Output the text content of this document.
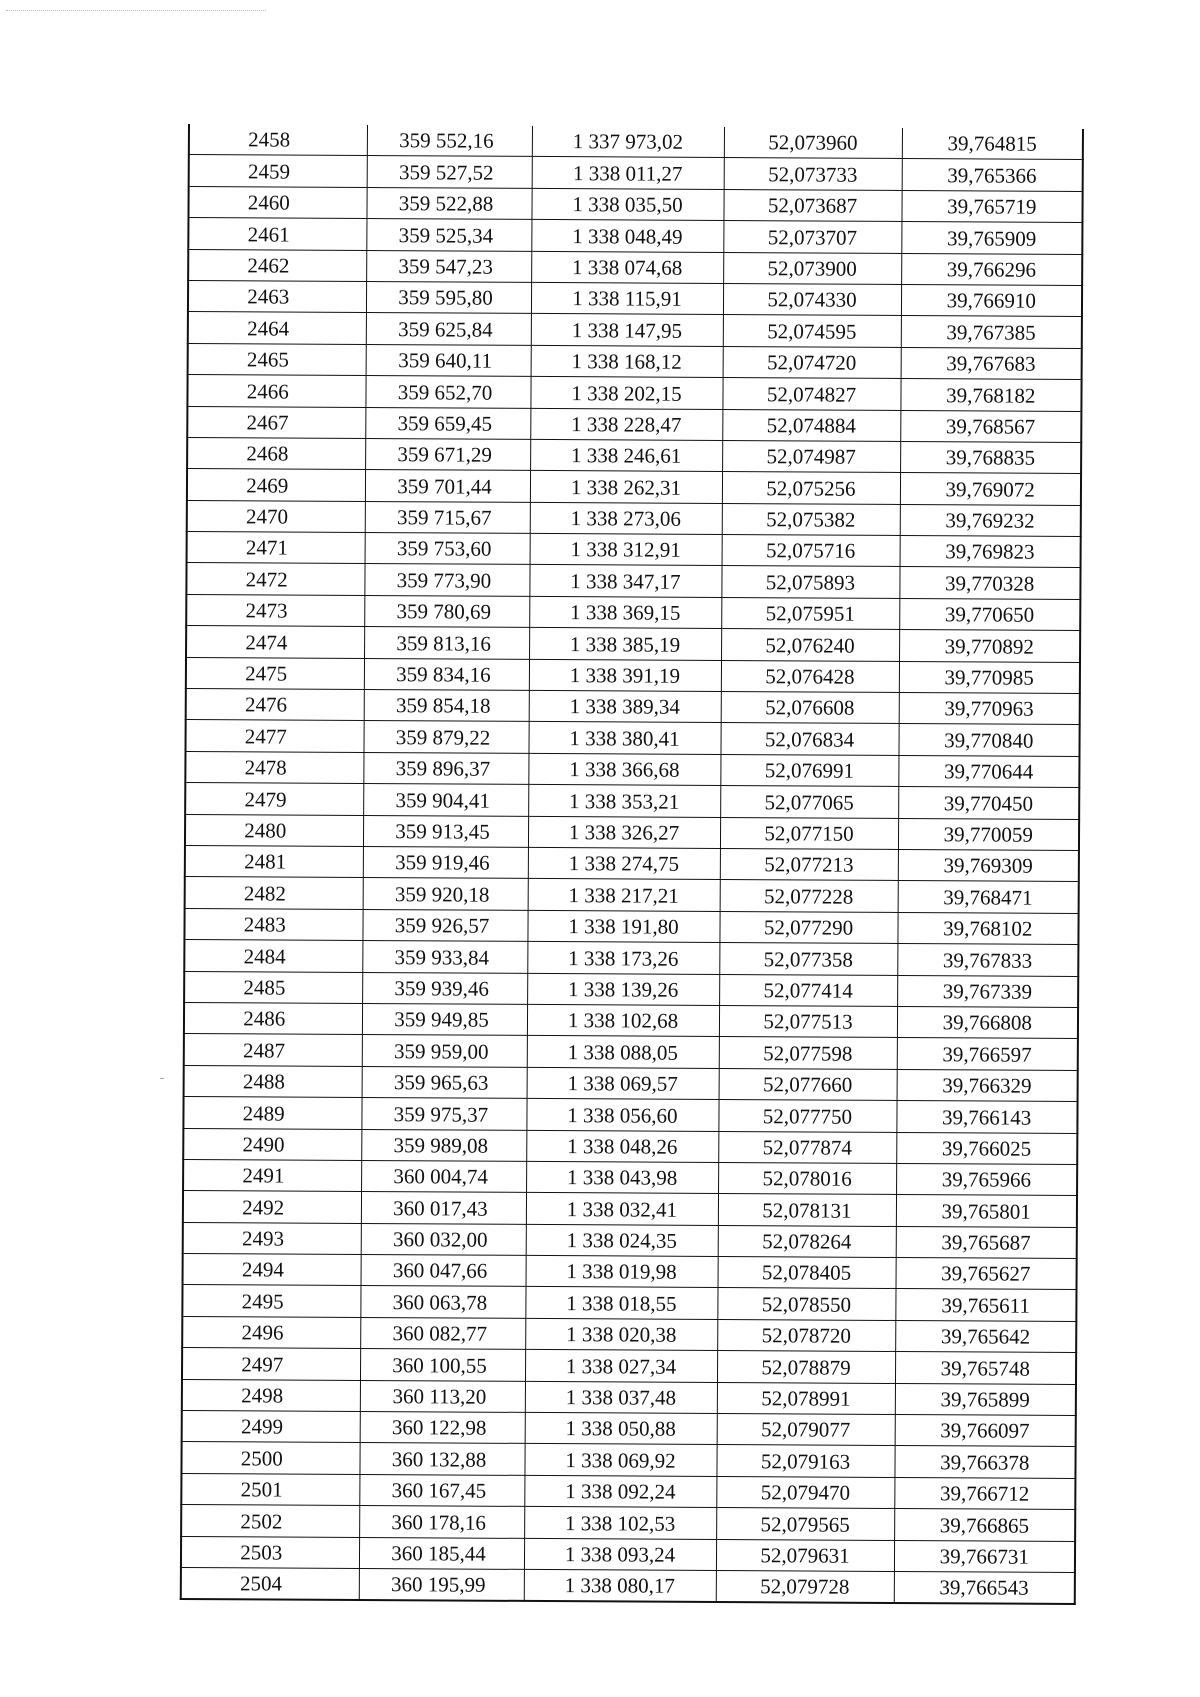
2458	359 552,16	1 337 973,02	52,073960	39,764815
2459	359 527,52	1 338 011,27	52,073733	39,765366
2460	359 522,88	1 338 035,50	52,073687	39,765719
2461	359 525,34	1 338 048,49	52,073707	39,765909
2462	359 547,23	1 338 074,68	52,073900	39,766296
2463	359 595,80	1 338 115,91	52,074330	39,766910
2464	359 625,84	1 338 147,95	52,074595	39,767385
2465	359 640,11	1 338 168,12	52,074720	39,767683
2466	359 652,70	1 338 202,15	52,074827	39,768182
2467	359 659,45	1 338 228,47	52,074884	39,768567
2468	359 671,29	1 338 246,61	52,074987	39,768835
2469	359 701,44	1 338 262,31	52,075256	39,769072
2470	359 715,67	1 338 273,06	52,075382	39,769232
2471	359 753,60	1 338 312,91	52,075716	39,769823
2472	359 773,90	1 338 347,17	52,075893	39,770328
2473	359 780,69	1 338 369,15	52,075951	39,770650
2474	359 813,16	1 338 385,19	52,076240	39,770892
2475	359 834,16	1 338 391,19	52,076428	39,770985
2476	359 854,18	1 338 389,34	52,076608	39,770963
2477	359 879,22	1 338 380,41	52,076834	39,770840
2478	359 896,37	1 338 366,68	52,076991	39,770644
2479	359 904,41	1 338 353,21	52,077065	39,770450
2480	359 913,45	1 338 326,27	52,077150	39,770059
2481	359 919,46	1 338 274,75	52,077213	39,769309
2482	359 920,18	1 338 217,21	52,077228	39,768471
2483	359 926,57	1 338 191,80	52,077290	39,768102
2484	359 933,84	1 338 173,26	52,077358	39,767833
2485	359 939,46	1 338 139,26	52,077414	39,767339
2486	359 949,85	1 338 102,68	52,077513	39,766808
2487	359 959,00	1 338 088,05	52,077598	39,766597
2488	359 965,63	1 338 069,57	52,077660	39,766329
2489	359 975,37	1 338 056,60	52,077750	39,766143
2490	359 989,08	1 338 048,26	52,077874	39,766025
2491	360 004,74	1 338 043,98	52,078016	39,765966
2492	360 017,43	1 338 032,41	52,078131	39,765801
2493	360 032,00	1 338 024,35	52,078264	39,765687
2494	360 047,66	1 338 019,98	52,078405	39,765627
2495	360 063,78	1 338 018,55	52,078550	39,765611
2496	360 082,77	1 338 020,38	52,078720	39,765642
2497	360 100,55	1 338 027,34	52,078879	39,765748
2498	360 113,20	1 338 037,48	52,078991	39,765899
2499	360 122,98	1 338 050,88	52,079077	39,766097
2500	360 132,88	1 338 069,92	52,079163	39,766378
2501	360 167,45	1 338 092,24	52,079470	39,766712
2502	360 178,16	1 338 102,53	52,079565	39,766865
2503	360 185,44	1 338 093,24	52,079631	39,766731
2504	360 195,99	1 338 080,17	52,079728	39,766543
